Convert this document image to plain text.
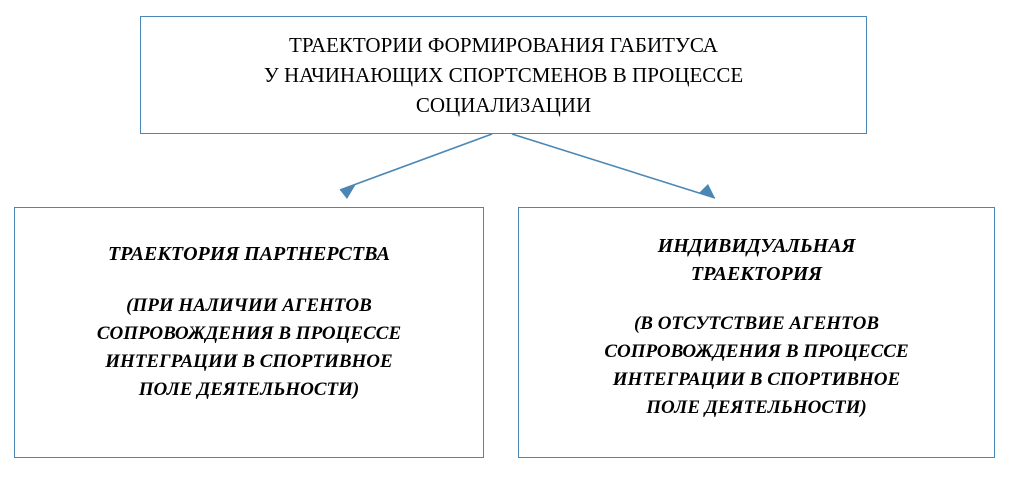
ТРАЕКТОРИИ ФОРМИРОВАНИЯ ГАБИТУСА
У НАЧИНАЮЩИХ СПОРТСМЕНОВ В ПРОЦЕССЕ
СОЦИАЛИЗАЦИИ
ТРАЕКТОРИЯ ПАРТНЕРСТВА
(ПРИ НАЛИЧИИ АГЕНТОВ
СОПРОВОЖДЕНИЯ В ПРОЦЕССЕ
ИНТЕГРАЦИИ В СПОРТИВНОЕ
ПОЛЕ ДЕЯТЕЛЬНОСТИ)
ИНДИВИДУАЛЬНАЯ
ТРАЕКТОРИЯ
(В ОТСУТСТВИЕ АГЕНТОВ
СОПРОВОЖДЕНИЯ В ПРОЦЕССЕ
ИНТЕГРАЦИИ В СПОРТИВНОЕ
ПОЛЕ ДЕЯТЕЛЬНОСТИ)
